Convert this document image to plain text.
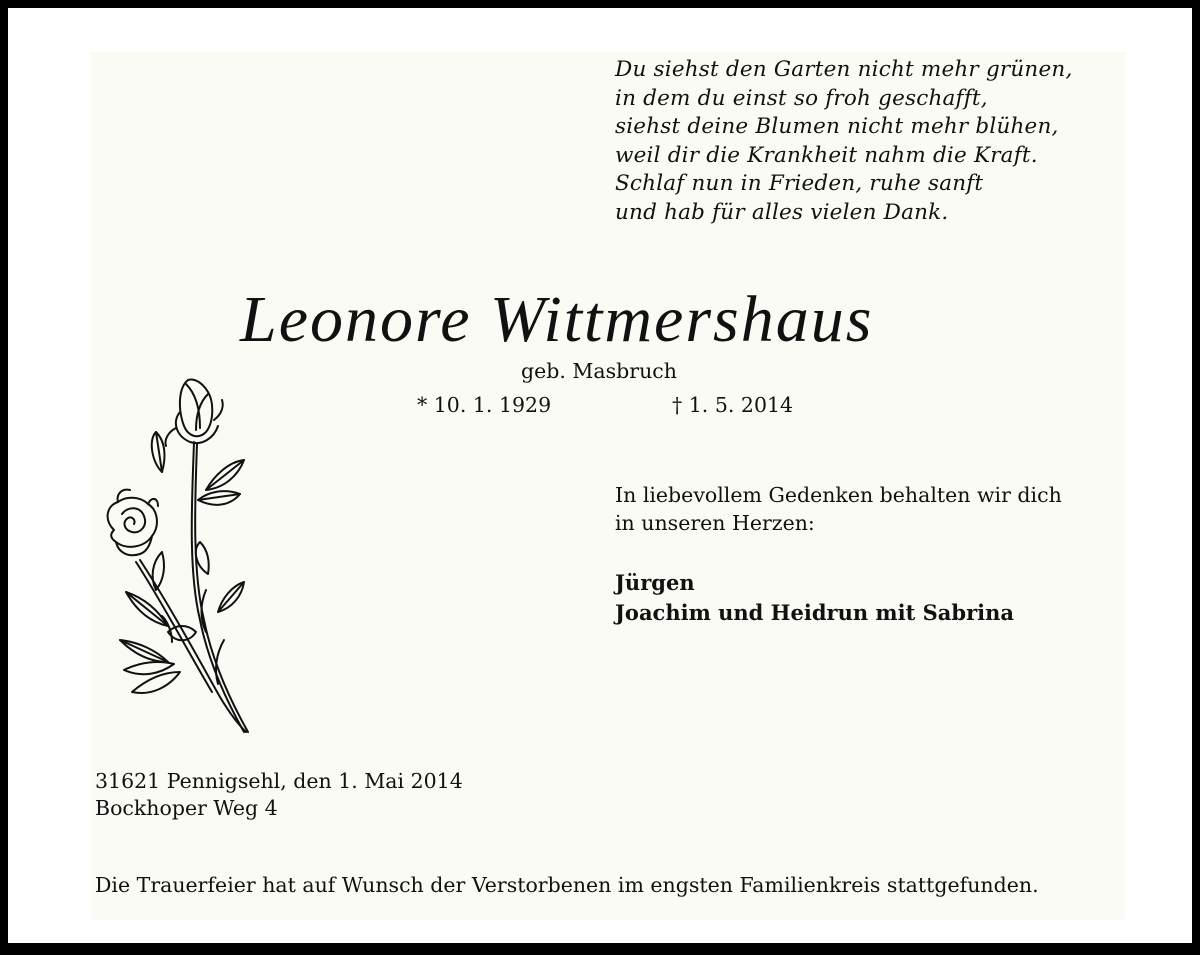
Du siehst den Garten nicht mehr grünen,
in dem du einst so froh geschafft,
siehst deine Blumen nicht mehr blühen,
weil dir die Krankheit nahm die Kraft.
Schlaf nun in Frieden, ruhe sanft
und hab für alles vielen Dank.
Leonore Wittmershaus
geb. Masbruch
* 10. 1. 1929	† 1. 5. 2014
In liebevollem Gedenken behalten wir dich
in unseren Herzen:
Jürgen
Joachim und Heidrun mit Sabrina
31621 Pennigsehl, den 1. Mai 2014
Bockhoper Weg 4
Die Trauerfeier hat auf Wunsch der Verstorbenen im engsten Familienkreis stattgefunden.
